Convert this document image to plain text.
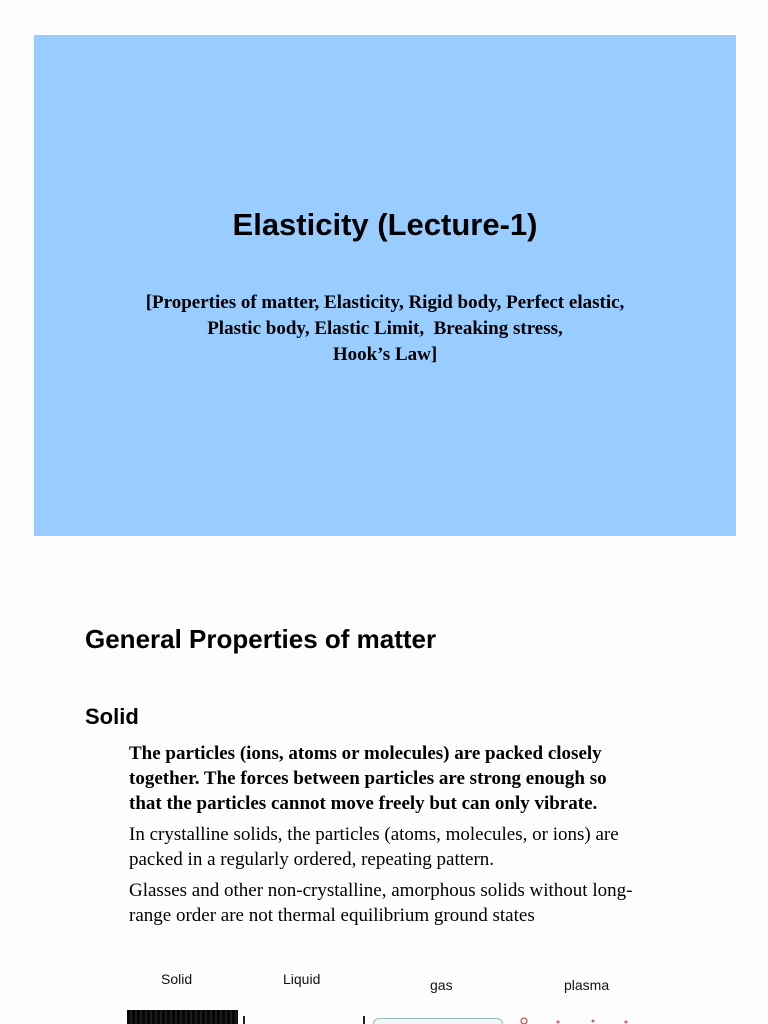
Elasticity (Lecture-1)
[Properties of matter, Elasticity, Rigid body, Perfect elastic,
Plastic body, Elastic Limit,  Breaking stress,
Hook’s Law]
General Properties of matter
Solid

The particles (ions, atoms or molecules) are packed closely
together. The forces between particles are strong enough so
that the particles cannot move freely but can only vibrate.

In crystalline solids, the particles (atoms, molecules, or ions) are
packed in a regularly ordered, repeating pattern.

Glasses and other non-crystalline, amorphous solids without long-
range order are not thermal equilibrium ground states

Solid	Liquid	gas	plasma
